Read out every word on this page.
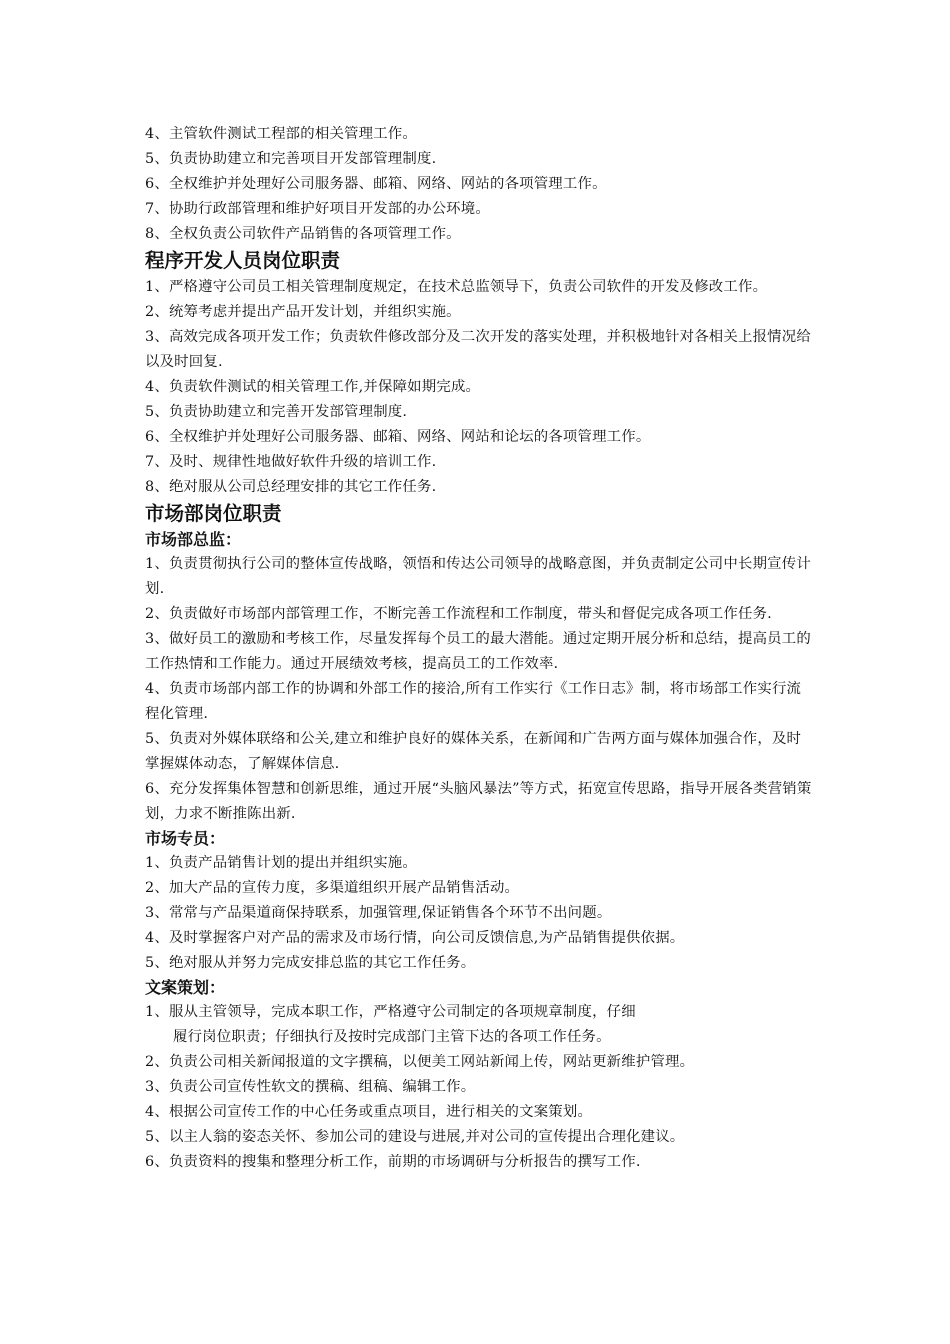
4、主管软件测试工程部的相关管理工作。

5、负责协助建立和完善项目开发部管理制度.

6、全权维护并处理好公司服务器、邮箱、网络、网站的各项管理工作。

7、协助行政部管理和维护好项目开发部的办公环境。

8、全权负责公司软件产品销售的各项管理工作。

程序开发人员岗位职责

1、严格遵守公司员工相关管理制度规定，在技术总监领导下，负责公司软件的开发及修改工作。

2、统筹考虑并提出产品开发计划，并组织实施。

3、高效完成各项开发工作；负责软件修改部分及二次开发的落实处理，并积极地针对各相关上报情况给以及时回复.

4、负责软件测试的相关管理工作,并保障如期完成。

5、负责协助建立和完善开发部管理制度.

6、全权维护并处理好公司服务器、邮箱、网络、网站和论坛的各项管理工作。

7、及时、规律性地做好软件升级的培训工作.

8、绝对服从公司总经理安排的其它工作任务.

市场部岗位职责
市场部总监：

1、负责贯彻执行公司的整体宣传战略，领悟和传达公司领导的战略意图，并负责制定公司中长期宣传计划.

2、负责做好市场部内部管理工作，不断完善工作流程和工作制度，带头和督促完成各项工作任务.

3、做好员工的激励和考核工作，尽量发挥每个员工的最大潜能。通过定期开展分析和总结，提高员工的工作热情和工作能力。通过开展绩效考核，提高员工的工作效率.

4、负责市场部内部工作的协调和外部工作的接洽,所有工作实行《工作日志》制，将市场部工作实行流程化管理.

5、负责对外媒体联络和公关,建立和维护良好的媒体关系，在新闻和广告两方面与媒体加强合作，及时掌握媒体动态，了解媒体信息.

6、充分发挥集体智慧和创新思维，通过开展“头脑风暴法”等方式，拓宽宣传思路，指导开展各类营销策划，力求不断推陈出新.

市场专员：

1、负责产品销售计划的提出并组织实施。

2、加大产品的宣传力度，多渠道组织开展产品销售活动。

3、常常与产品渠道商保持联系，加强管理,保证销售各个环节不出问题。

4、及时掌握客户对产品的需求及市场行情，向公司反馈信息,为产品销售提供依据。

5、绝对服从并努力完成安排总监的其它工作任务。

文案策划：

1、服从主管领导，完成本职工作，严格遵守公司制定的各项规章制度，仔细

履行岗位职责；仔细执行及按时完成部门主管下达的各项工作任务。

2、负责公司相关新闻报道的文字撰稿，以便美工网站新闻上传，网站更新维护管理。

3、负责公司宣传性软文的撰稿、组稿、编辑工作。

4、根据公司宣传工作的中心任务或重点项目，进行相关的文案策划。

5、以主人翁的姿态关怀、参加公司的建设与进展,并对公司的宣传提出合理化建议。

6、负责资料的搜集和整理分析工作，前期的市场调研与分析报告的撰写工作.
